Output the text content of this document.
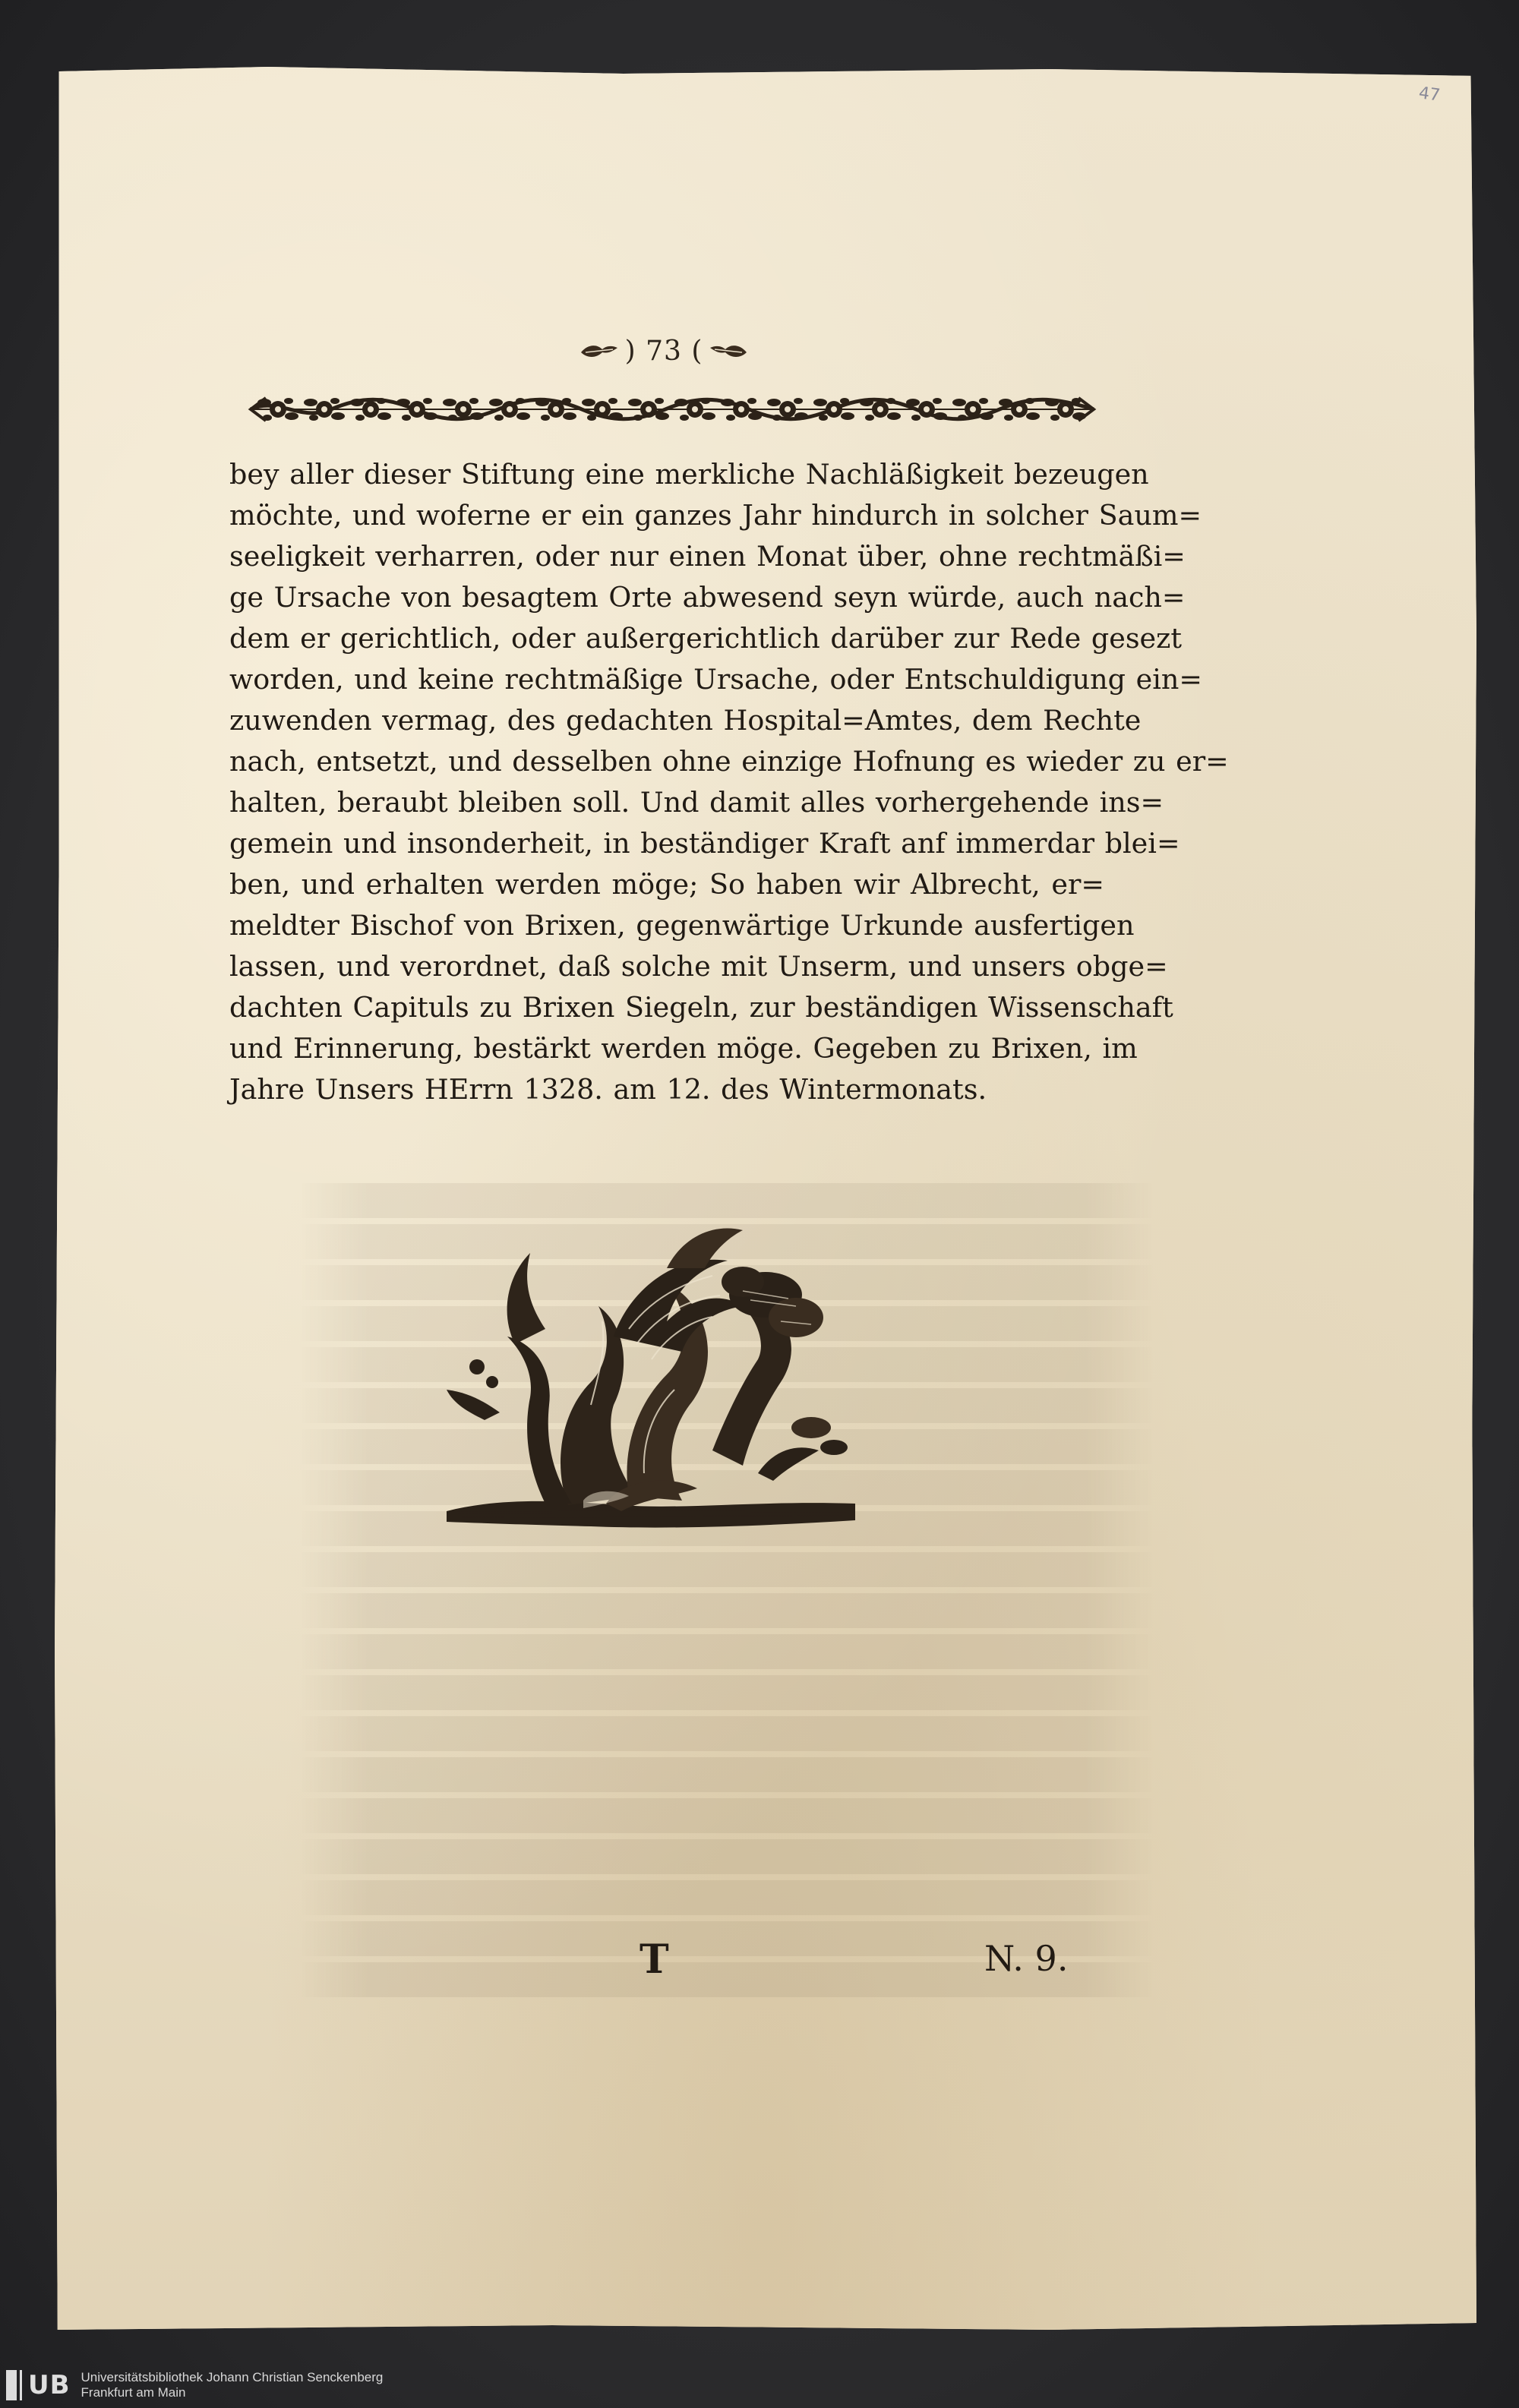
47
) 73 (
bey aller dieser Stiftung eine merkliche Nachläßigkeit bezeugen
möchte, und woferne er ein ganzes Jahr hindurch in solcher Saum=
seeligkeit verharren, oder nur einen Monat über, ohne rechtmäßi=
ge Ursache von besagtem Orte abwesend seyn würde, auch nach=
dem er gerichtlich, oder außergerichtlich darüber zur Rede gesezt
worden, und keine rechtmäßige Ursache, oder Entschuldigung ein=
zuwenden vermag, des gedachten Hospital=Amtes, dem Rechte
nach, entsetzt, und desselben ohne einzige Hofnung es wieder zu er=
halten, beraubt bleiben soll. Und damit alles vorhergehende ins=
gemein und insonderheit, in beständiger Kraft anf immerdar blei=
ben, und erhalten werden möge; So haben wir Albrecht, er=
meldter Bischof von Brixen, gegenwärtige Urkunde ausfertigen
lassen, und verordnet, daß solche mit Unserm, und unsers obge=
dachten Capituls zu Brixen Siegeln, zur beständigen Wissenschaft
und Erinnerung, bestärkt werden möge. Gegeben zu Brixen, im
Jahre Unsers HErrn 1328. am 12. des Wintermonats.
T	N. 9.
UB Universitätsbibliothek Johann Christian Senckenberg
Frankfurt am Main
